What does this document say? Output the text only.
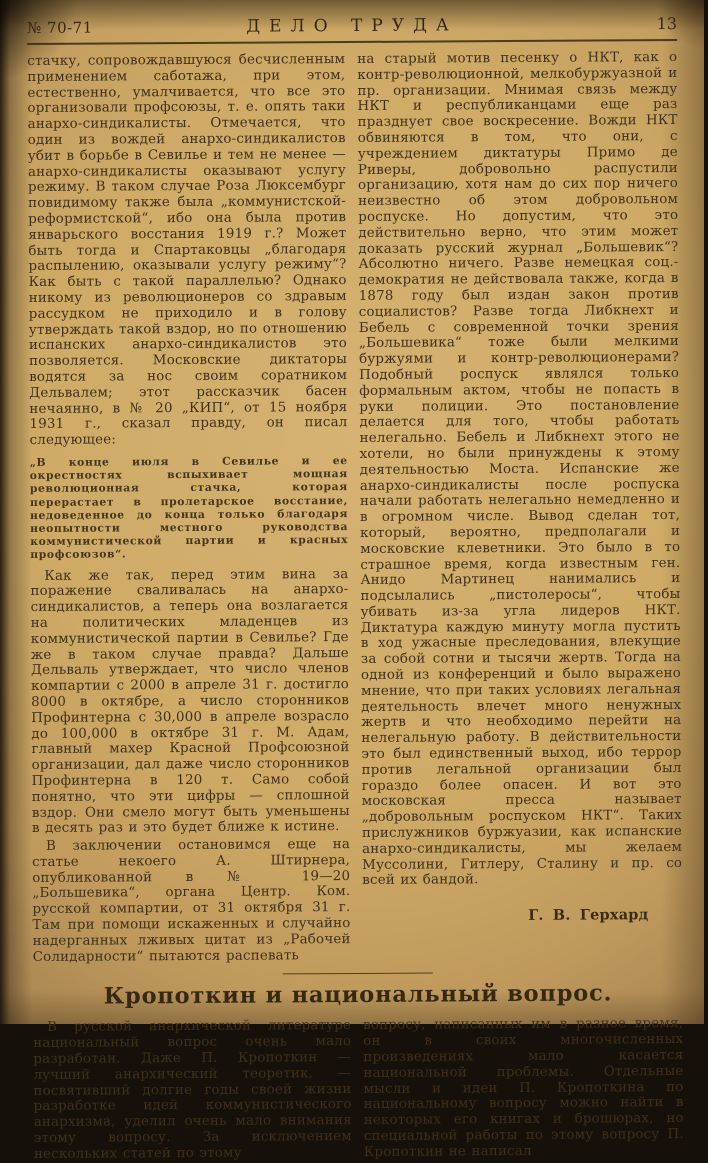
№ 70-71	ДЕЛО ТРУДА	13

стачку, сопровождавшуюся бесчисленным применением саботажа, при этом, естественно, умалчивается, что все это организовали профсоюзы, т. е. опять таки анархо-синдикалисты. Отмечается, что один из вождей анархо-синдикалистов убит в борьбе в Севилье и тем не менее — анархо-синдикалисты оказывают услугу режиму. В таком случае Роза Люксембург повидимому также была „коммунистской-реформистской“, ибо она была против январьского восстания 1919 г.? Может быть тогда и Спартаковцы „благодаря распылению, оказывали услугу режиму“? Как быть с такой параллелью? Однако никому из революционеров со здравым рассудком не приходило и в голову утверждать такой вздор, но по отношению испанских анархо-синдикалистов это позволяется. Московские диктаторы водятся за нос своим соратником Дельвалем; этот рассказчик басен нечаянно, в № 20 „КИП“, от 15 ноября 1931 г., сказал правду, он писал следующее:

„В конце июля в Севилье и ее окрестностях вспыхивает мощная революционная стачка, которая перерастает в пролетарское восстание, недоведенное до конца только благодаря неопытности местного руководства коммунистической партии и красных профсоюзов“.

Как же так, перед этим вина за поражение сваливалась на анархо-синдикалистов, а теперь она возлагается на политических младенцев из коммунистической партии в Севилье? Где же в таком случае правда? Дальше Дельваль утверждает, что число членов компартии с 2000 в апреле 31 г. достигло 8000 в октябре, а число сторонников Профинтерна с 30,000 в апреле возрасло до 100,000 в октябре 31 г. М. Адам, главный махер Красной Профсоюзной организации, дал даже число сторонников Профинтерна в 120 т. Само собой понятно, что эти цифры — сплошной вздор. Они смело могут быть уменьшены в десять раз и это будет ближе к истине.

В заключении остановимся еще на статье некоего А. Штирнера, опубликованной в № 19—20 „Большевика“, органа Центр. Ком. русской компартии, от 31 октября 31 г. Там при помощи искаженных и случайно надерганных лживых цитат из „Рабочей Солидарности“ пытаются распевать

на старый мотив песенку о НКТ, как о контр-революционной, мелкобуржуазной и пр. организации. Мнимая связь между НКТ и республиканцами еще раз празднует свое воскресение. Вожди НКТ обвиняются в том, что они, с учреждением диктатуры Примо де Риверы, добровольно распустили организацию, хотя нам до сих пор ничего неизвестно об этом добровольном роспуске. Но допустим, что это действительно верно, что этим может доказать русский журнал „Большевик“? Абсолютно ничего. Разве немецкая соц.-демократия не действовала также, когда в 1878 году был издан закон против социалистов? Разве тогда Либкнехт и Бебель с современной точки зрения „Большевика“ тоже были мелкими буржуями и контр-революционерами? Подобный роспуск являлся только формальным актом, чтобы не попасть в руки полиции. Это постановление делается для того, чтобы работать нелегально. Бебель и Либкнехт этого не хотели, но были принуждены к этому деятельностью Моста. Испанские же анархо-синдикалисты после роспуска начали работать нелегально немедленно и в огромном числе. Вывод сделан тот, который, вероятно, предполагали и московские клеветники. Это было в то страшное время, когда известным ген. Анидо Мартинец нанимались и подсылались „пистолеросы“, чтобы убивать из-за угла лидеров НКТ. Диктатура каждую минуту могла пустить в ход ужасные преследования, влекущие за собой сотни и тысячи жертв. Тогда на одной из конференций и было выражено мнение, что при таких условиях легальная деятельность влечет много ненужных жертв и что необходимо перейти на нелегальную работу. В действительности это был единственный выход, ибо террор против легальной организации был гораздо более опасен. И вот это московская пресса называет „добровольным роспуском НКТ“. Таких прислужников буржуазии, как испанские анархо-синдикалисты, мы желаем Муссолини, Гитлеру, Сталину и пр. со всей их бандой.

Г. В. Герхард

Кропоткин и национальный вопрос.

В русской анархической литературе национальный вопрос очень мало разработан. Даже П. Кропоткин — лучший анархический теоретик, — посвятивший долгие годы своей жизни разработке идей коммунистического анархизма, уделил очень мало внимания этому вопросу. За исключением нескольких статей по этому

вопросу, написанных им в разное время, он в своих многочисленных произведениях мало касается национальной проблемы. Отдельные мысли и идеи П. Кропоткина по национальному вопросу можно найти в некоторых его книгах и брошюрах, но специальной работы по этому вопросу П. Кропоткин не написал
